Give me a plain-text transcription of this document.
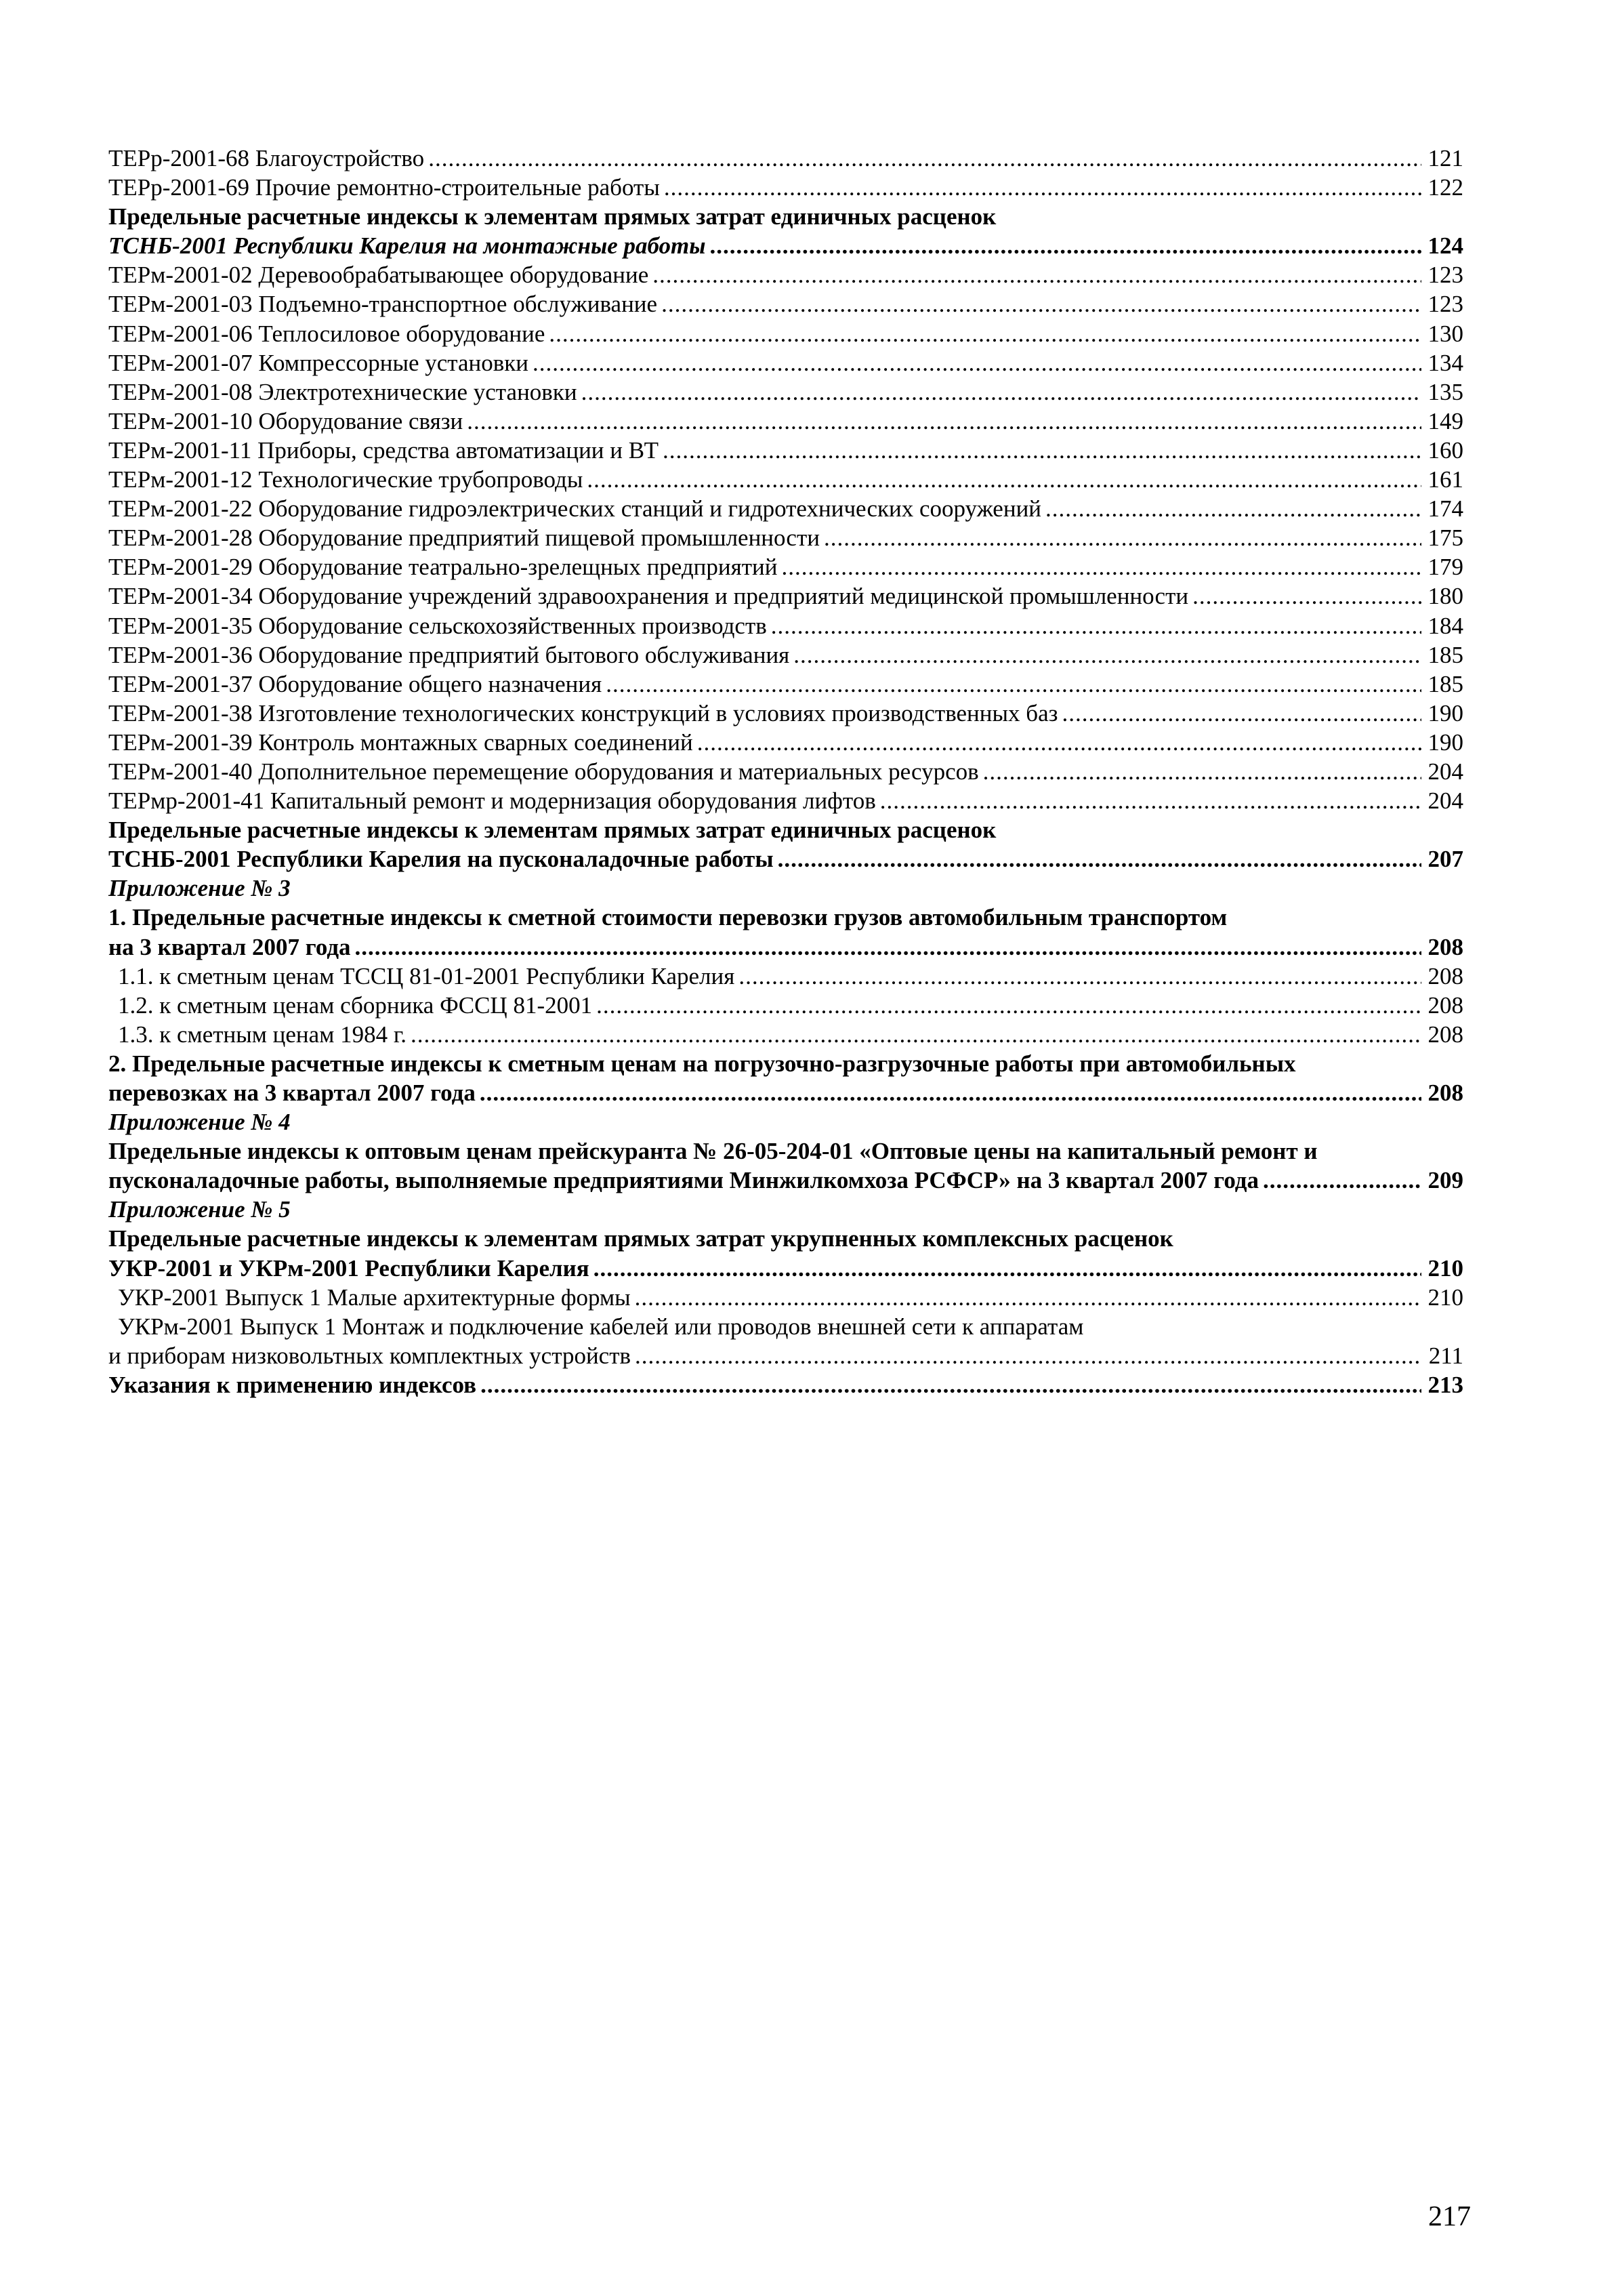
ТЕРр-2001-68 Благоустройство .....	121
ТЕРр-2001-69 Прочие ремонтно-строительные работы .....	122
Предельные расчетные индексы к элементам прямых затрат единичных расценок
ТСНБ-2001 Республики Карелия на монтажные работы .....	124
ТЕРм-2001-02 Деревообрабатывающее оборудование .....	123
ТЕРм-2001-03 Подъемно-транспортное обслуживание .....	123
ТЕРм-2001-06 Теплосиловое оборудование .....	130
ТЕРм-2001-07 Компрессорные установки .....	134
ТЕРм-2001-08 Электротехнические установки .....	135
ТЕРм-2001-10 Оборудование связи .....	149
ТЕРм-2001-11 Приборы, средства автоматизации и ВТ .....	160
ТЕРм-2001-12 Технологические трубопроводы .....	161
ТЕРм-2001-22 Оборудование гидроэлектрических станций и гидротехнических сооружений .....	174
ТЕРм-2001-28 Оборудование предприятий пищевой промышленности .....	175
ТЕРм-2001-29 Оборудование театрально-зрелещных предприятий .....	179
ТЕРм-2001-34 Оборудование учреждений здравоохранения и предприятий медицинской промышленности .....	180
ТЕРм-2001-35 Оборудование сельскохозяйственных производств .....	184
ТЕРм-2001-36 Оборудование предприятий бытового обслуживания .....	185
ТЕРм-2001-37 Оборудование общего назначения .....	185
ТЕРм-2001-38 Изготовление технологических конструкций в условиях производственных баз .....	190
ТЕРм-2001-39 Контроль монтажных сварных соединений .....	190
ТЕРм-2001-40 Дополнительное перемещение оборудования и материальных ресурсов .....	204
ТЕРмр-2001-41 Капитальный ремонт и модернизация оборудования лифтов .....	204
Предельные расчетные индексы к элементам прямых затрат единичных расценок
ТСНБ-2001 Республики Карелия на пусконаладочные работы .....	207
Приложение № 3
1. Предельные расчетные индексы к сметной стоимости перевозки грузов автомобильным транспортом
на 3 квартал 2007 года .....	208
1.1. к сметным ценам ТССЦ 81-01-2001 Республики Карелия .....	208
1.2. к сметным ценам сборника ФССЦ 81-2001 .....	208
1.3. к сметным ценам 1984 г. .....	208
2. Предельные расчетные индексы к сметным ценам на погрузочно-разгрузочные работы при автомобильных
перевозках на 3 квартал 2007 года .....	208
Приложение № 4
Предельные индексы к оптовым ценам прейскуранта № 26-05-204-01 «Оптовые цены на капитальный ремонт и
пусконаладочные работы, выполняемые предприятиями Минжилкомхоза РСФСР» на 3 квартал 2007 года .....	209
Приложение № 5
Предельные расчетные индексы к элементам прямых затрат укрупненных комплексных расценок
УКР-2001 и УКРм-2001 Республики Карелия .....	210
УКР-2001 Выпуск 1 Малые архитектурные формы .....	210
УКРм-2001 Выпуск 1 Монтаж и подключение кабелей или проводов внешней сети к аппаратам
и приборам низковольтных комплектных устройств .....	211
Указания к применению индексов .....	213
217
